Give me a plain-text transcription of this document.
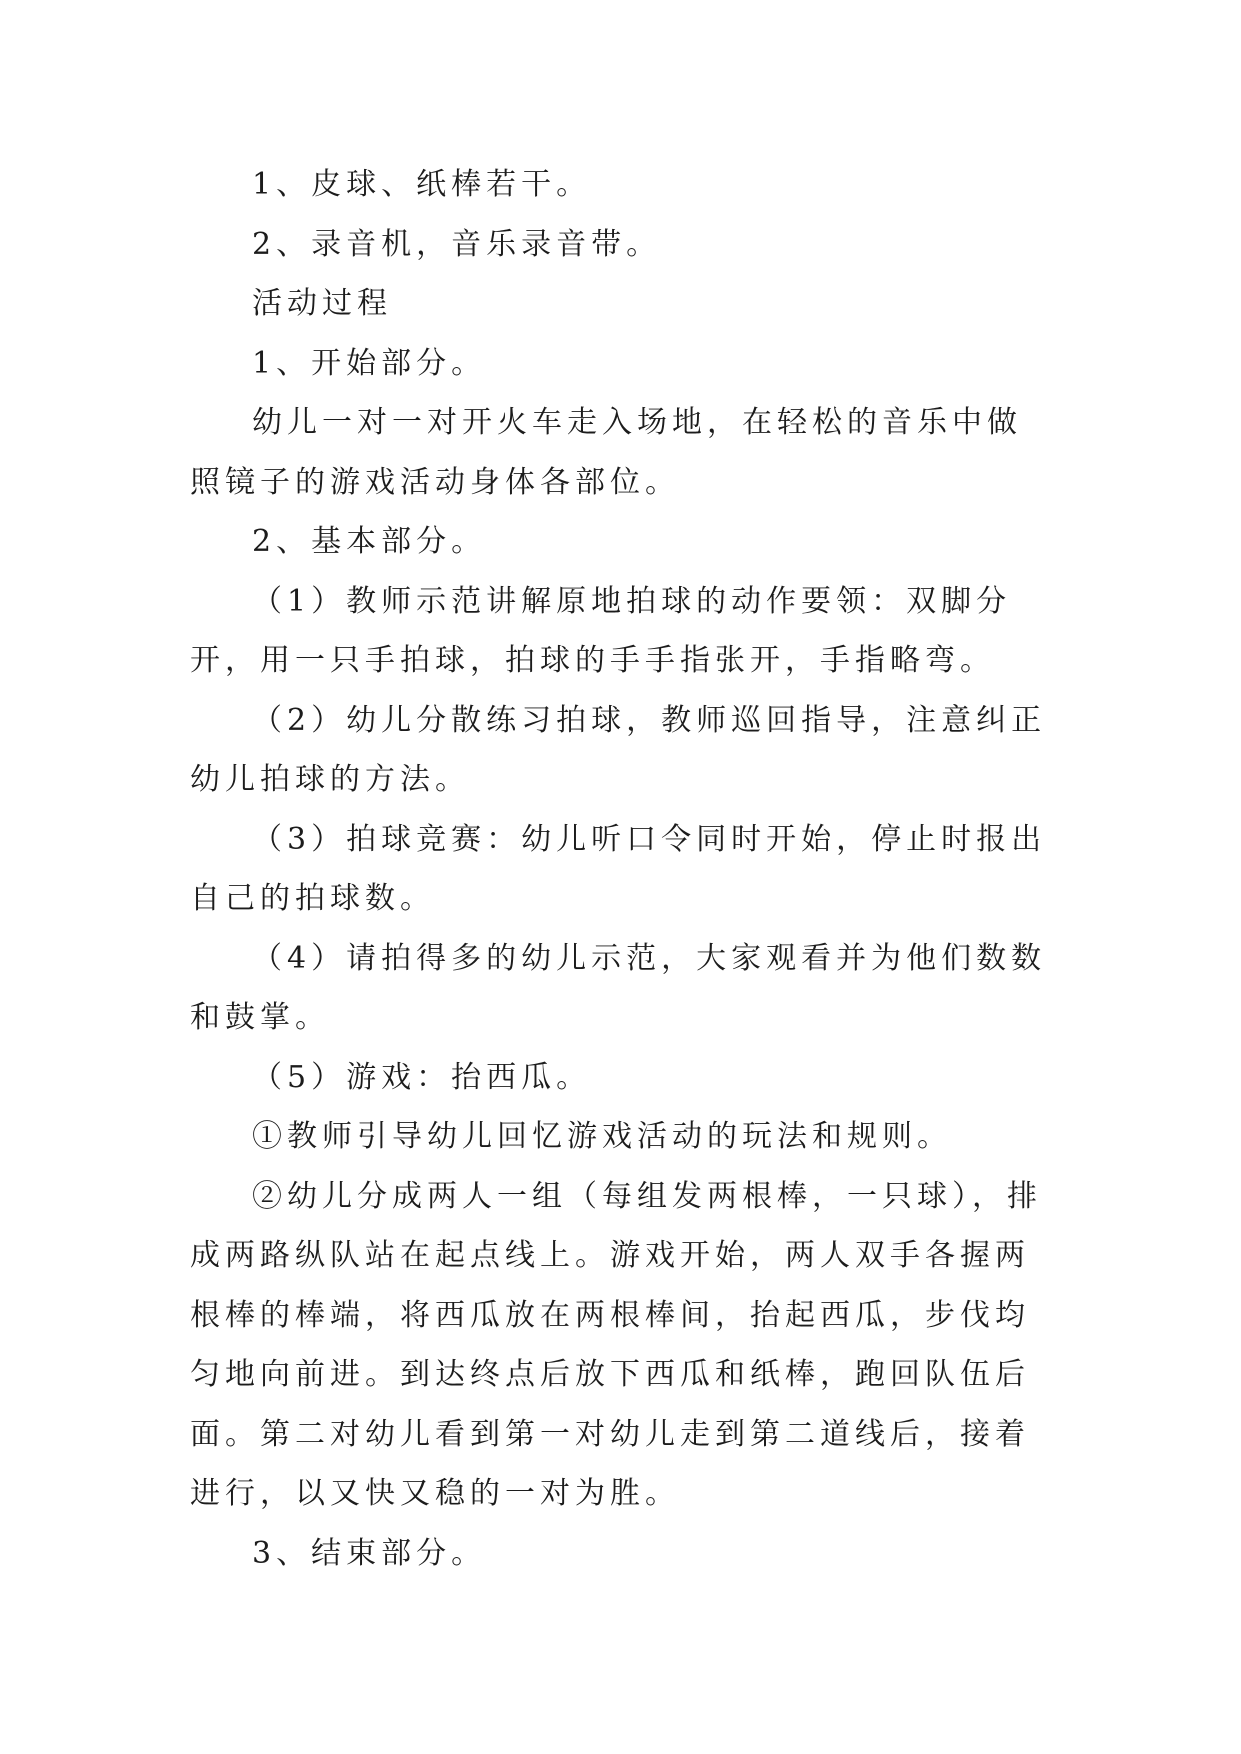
1、皮球、纸棒若干。

2、录音机，音乐录音带。

活动过程

1、开始部分。

幼儿一对一对开火车走入场地，在轻松的音乐中做照镜子的游戏活动身体各部位。

2、基本部分。

（1）教师示范讲解原地拍球的动作要领：双脚分开，用一只手拍球，拍球的手手指张开，手指略弯。

（2）幼儿分散练习拍球，教师巡回指导，注意纠正幼儿拍球的方法。

（3）拍球竞赛：幼儿听口令同时开始，停止时报出自己的拍球数。

（4）请拍得多的幼儿示范，大家观看并为他们数数和鼓掌。

（5）游戏：抬西瓜。

①教师引导幼儿回忆游戏活动的玩法和规则。

②幼儿分成两人一组（每组发两根棒，一只球），排成两路纵队站在起点线上。游戏开始，两人双手各握两根棒的棒端，将西瓜放在两根棒间，抬起西瓜，步伐均匀地向前进。到达终点后放下西瓜和纸棒，跑回队伍后面。第二对幼儿看到第一对幼儿走到第二道线后，接着进行，以又快又稳的一对为胜。

3、结束部分。
